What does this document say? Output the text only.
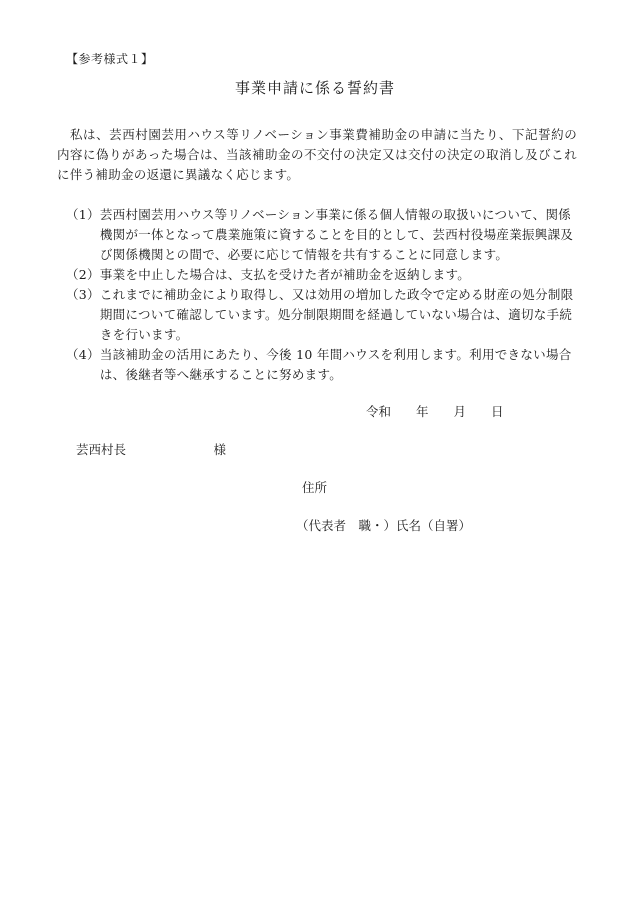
【参考様式１】
事業申請に係る誓約書
私は、芸西村園芸用ハウス等リノベーション事業費補助金の申請に当たり、下記誓約の内容に偽りがあった場合は、当該補助金の不交付の決定又は交付の決定の取消し及びこれに伴う補助金の返還に異議なく応じます。
（1） 芸西村園芸用ハウス等リノベーション事業に係る個人情報の取扱いについて、関係機関が一体となって農業施策に資することを目的として、芸西村役場産業振興課及び関係機関との間で、必要に応じて情報を共有することに同意します。
（2） 事業を中止した場合は、支払を受けた者が補助金を返納します。
（3） これまでに補助金により取得し、又は効用の増加した政令で定める財産の処分制限期間について確認しています。処分制限期間を経過していない場合は、適切な手続きを行います。
（4） 当該補助金の活用にあたり、今後 10 年間ハウスを利用します。利用できない場合は、後継者等へ継承することに努めます。
令和　　年　　月　　日
芸西村長　　　　　　　様
住所
（代表者　職・）氏名（自署）
